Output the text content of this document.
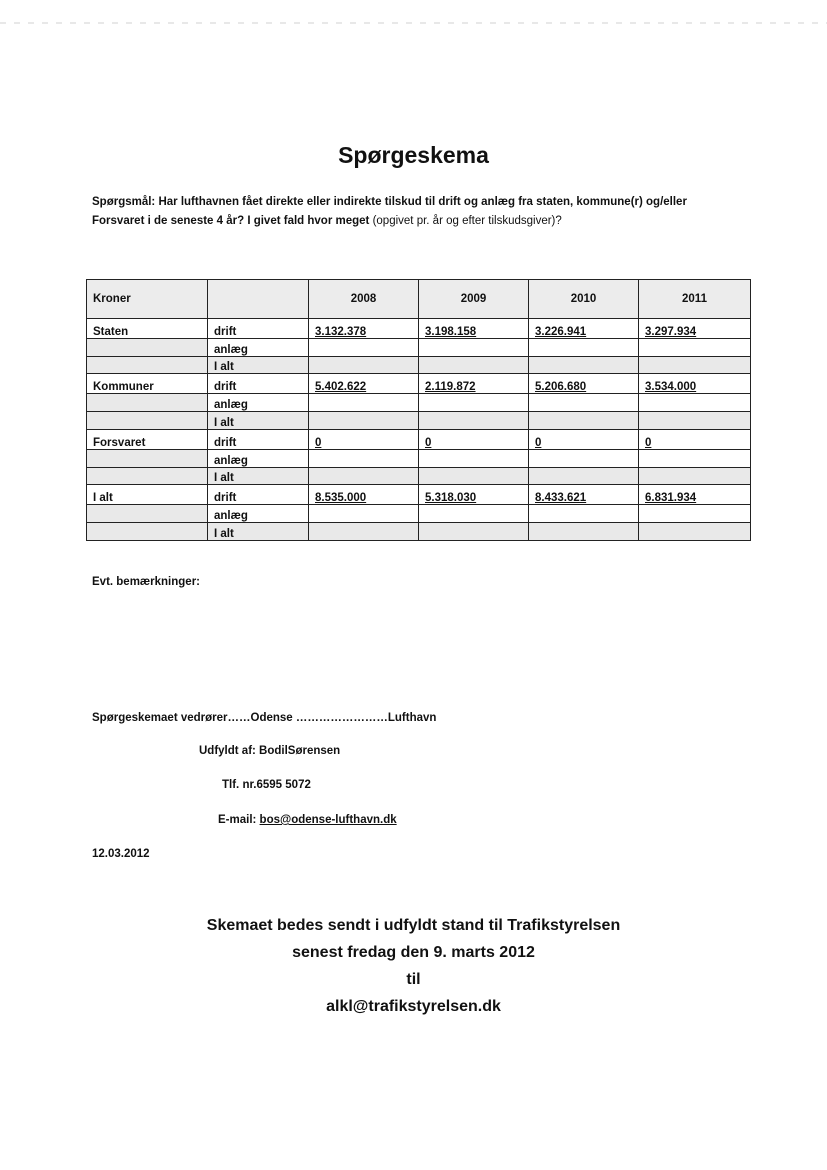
Spørgeskema
Spørgsmål: Har lufthavnen fået direkte eller indirekte tilskud til drift og anlæg fra staten, kommune(r) og/eller Forsvaret i de seneste 4 år? I givet fald hvor meget (opgivet pr. år og efter tilskudsgiver)?
Kroner		2008	2009	2010	2011
Staten	drift	3.132.378	3.198.158	3.226.941	3.297.934
	anlæg				
	I alt				
Kommuner	drift	5.402.622	2.119.872	5.206.680	3.534.000
	anlæg				
	I alt				
Forsvaret	drift	0	0	0	0
	anlæg				
	I alt				
I alt	drift	8.535.000	5.318.030	8.433.621	6.831.934
	anlæg				
	I alt				
Evt. bemærkninger:
Spørgeskemaet vedrører……Odense ……………………Lufthavn
Udfyldt af: BodilSørensen
Tlf. nr.6595 5072
E-mail: bos@odense-lufthavn.dk
12.03.2012
Skemaet bedes sendt i udfyldt stand til Trafikstyrelsen
senest fredag den 9. marts 2012
til
alkl@trafikstyrelsen.dk
